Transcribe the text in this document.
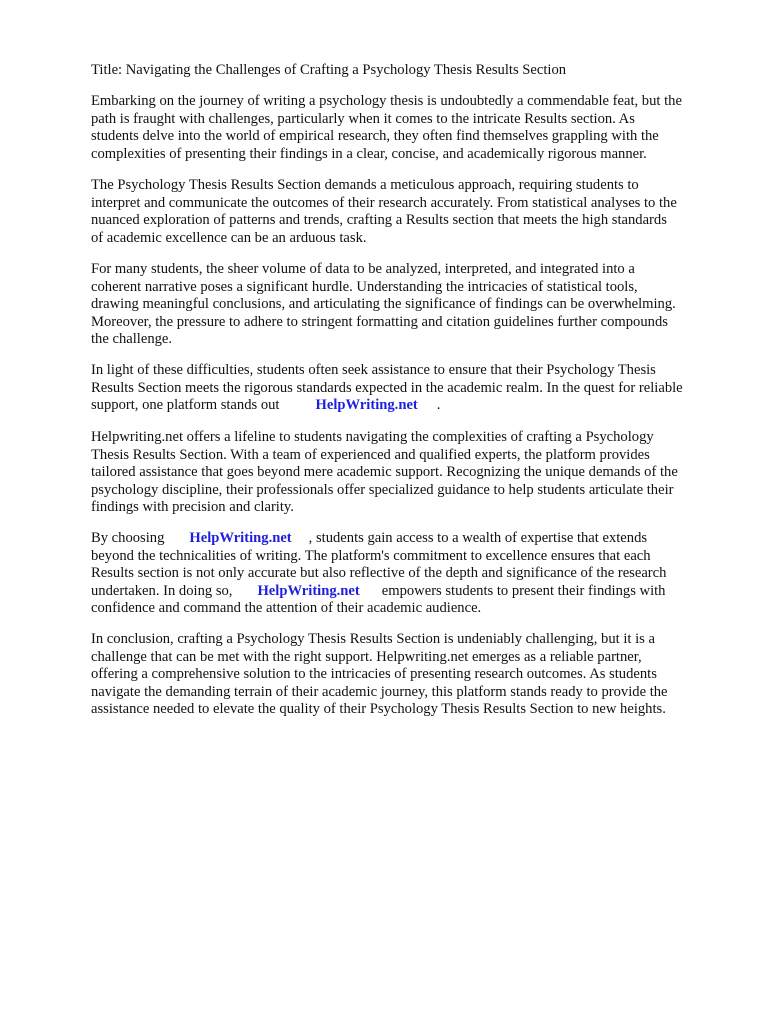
Title: Navigating the Challenges of Crafting a Psychology Thesis Results Section
Embarking on the journey of writing a psychology thesis is undoubtedly a commendable feat, but the
path is fraught with challenges, particularly when it comes to the intricate Results section. As
students delve into the world of empirical research, they often find themselves grappling with the
complexities of presenting their findings in a clear, concise, and academically rigorous manner.
The Psychology Thesis Results Section demands a meticulous approach, requiring students to
interpret and communicate the outcomes of their research accurately. From statistical analyses to the
nuanced exploration of patterns and trends, crafting a Results section that meets the high standards
of academic excellence can be an arduous task.
For many students, the sheer volume of data to be analyzed, interpreted, and integrated into a
coherent narrative poses a significant hurdle. Understanding the intricacies of statistical tools,
drawing meaningful conclusions, and articulating the significance of findings can be overwhelming.
Moreover, the pressure to adhere to stringent formatting and citation guidelines further compounds
the challenge.
In light of these difficulties, students often seek assistance to ensure that their Psychology Thesis
Results Section meets the rigorous standards expected in the academic realm. In the quest for reliable
support, one platform stands out HelpWriting.net .
Helpwriting.net offers a lifeline to students navigating the complexities of crafting a Psychology
Thesis Results Section. With a team of experienced and qualified experts, the platform provides
tailored assistance that goes beyond mere academic support. Recognizing the unique demands of the
psychology discipline, their professionals offer specialized guidance to help students articulate their
findings with precision and clarity.
By choosing HelpWriting.net , students gain access to a wealth of expertise that extends
beyond the technicalities of writing. The platform's commitment to excellence ensures that each
Results section is not only accurate but also reflective of the depth and significance of the research
undertaken. In doing so, HelpWriting.net empowers students to present their findings with
confidence and command the attention of their academic audience.
In conclusion, crafting a Psychology Thesis Results Section is undeniably challenging, but it is a
challenge that can be met with the right support. Helpwriting.net emerges as a reliable partner,
offering a comprehensive solution to the intricacies of presenting research outcomes. As students
navigate the demanding terrain of their academic journey, this platform stands ready to provide the
assistance needed to elevate the quality of their Psychology Thesis Results Section to new heights.
